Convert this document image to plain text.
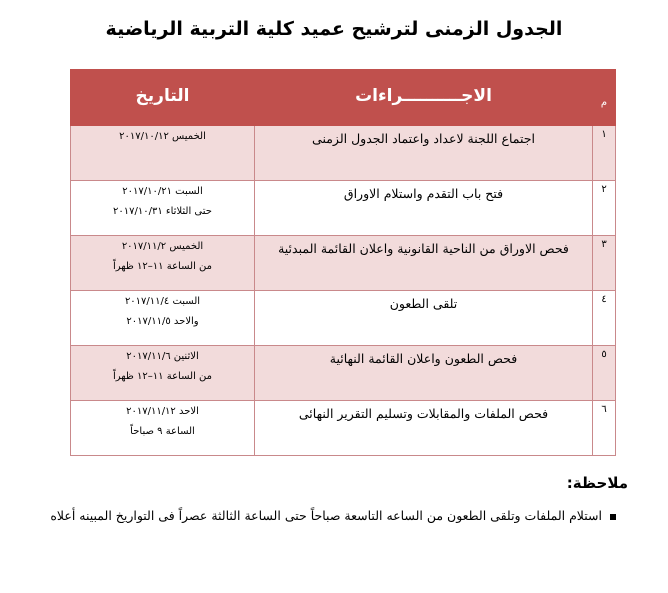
الجدول الزمنى لترشيح عميد كلية التربية الرياضية
م	الاجــــــــــراءات	التاريخ
١	اجتماع اللجنة لاعداد واعتماد الجدول الزمنى	الخميس ٢٠١٧/١٠/١٢

٢	فتح باب التقدم واستلام الاوراق	السبت ٢٠١٧/١٠/٢١
حتى الثلاثاء ٢٠١٧/١٠/٣١

٣	فحص الاوراق من الناحية القانونية واعلان القائمة المبدئية	الخميس ٢٠١٧/١١/٢
من الساعة ١١–١٢ ظهراً

٤	تلقى الطعون	السبت ٢٠١٧/١١/٤
والاحد ٢٠١٧/١١/٥

٥	فحص الطعون واعلان القائمة النهائية	الاثنين ٢٠١٧/١١/٦
من الساعة ١١–١٢ ظهراً

٦	فحص الملفات والمقابلات وتسليم التقرير النهائى	الاحد ٢٠١٧/١١/١٢
الساعة ٩ صباحاً
ملاحظة:
استلام الملفات وتلقى الطعون من الساعه التاسعة صباحاً حتى الساعة الثالثة عصراً فى التواريخ المبينه أعلاه
